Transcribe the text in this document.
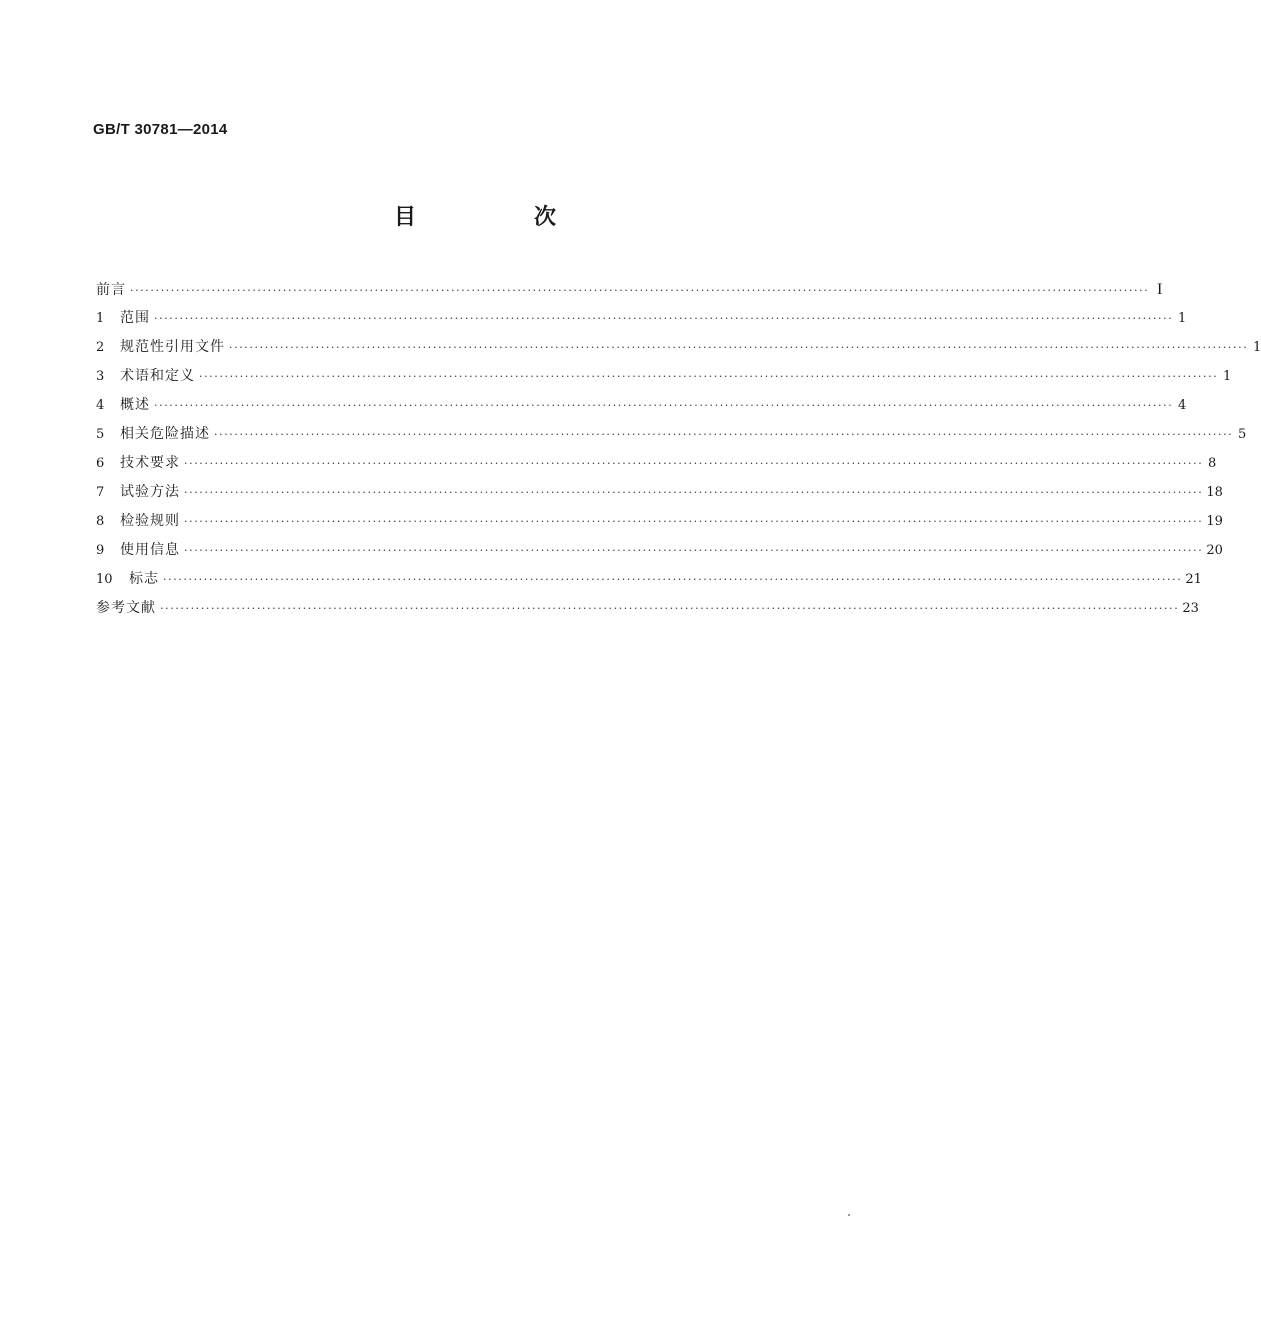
GB/T 30781—2014
目　次
前言 ········································································································································································································ I
1	范围 ········································································································································································································ 1
2	规范性引用文件 ········································································································································································································ 1
3	术语和定义 ········································································································································································································ 1
4	概述 ········································································································································································································ 4
5	相关危险描述 ········································································································································································································ 5
6	技术要求 ········································································································································································································ 8
7	试验方法 ········································································································································································································ 18
8	检验规则 ········································································································································································································ 19
9	使用信息 ········································································································································································································ 20
10	标志 ········································································································································································································ 21
参考文献 ········································································································································································································ 23
